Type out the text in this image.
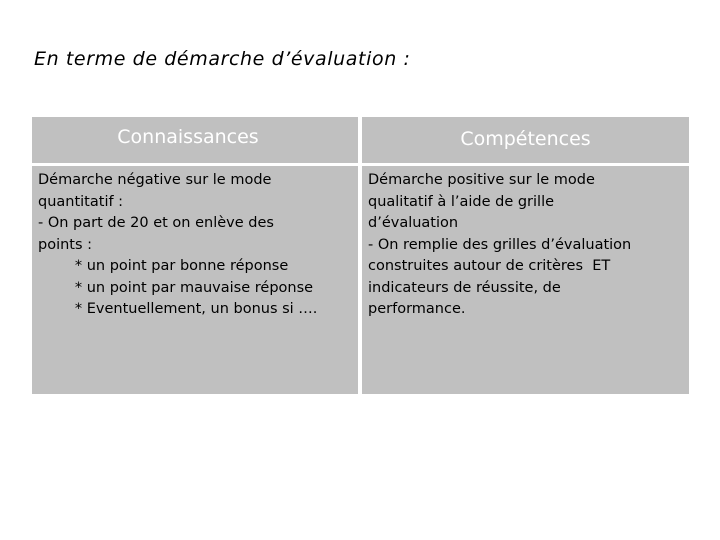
En terme de démarche d’évaluation :
Connaissances	Compétences
Démarche négative sur le mode
quantitatif :
- On part de 20 et on enlève des
points :
* un point par bonne réponse
* un point par mauvaise réponse
* Eventuellement, un bonus si ….
Démarche positive sur le mode
qualitatif à l’aide de grille
d’évaluation
- On remplie des grilles d’évaluation
construites autour de critères  ET
indicateurs de réussite, de
performance.
